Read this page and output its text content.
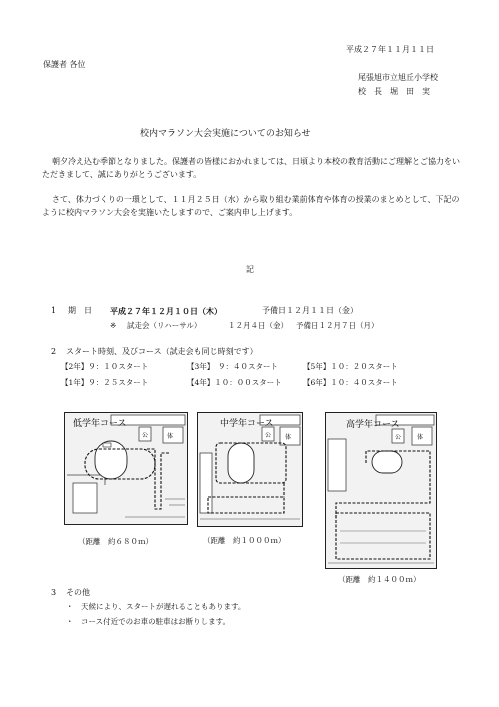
平成２７年１１月１１日
保護者 各位
尾張旭市立旭丘小学校
校　長　堀　田　実
校内マラソン大会実施についてのお知らせ
朝夕冷え込む季節となりました。保護者の皆様におかれましては、日頃より本校の教育活動にご理解とご協力をいただきまして、誠にありがとうございます。
さて、体力づくりの一環として、１１月２５日（水）から取り組む業前体育や体育の授業のまとめとして、下記のように校内マラソン大会を実施いたしますので、ご案内申し上げます。
記
1 期　日 平成２７年１２月１０日（木）	予備日１２月１１日（金）
※ 試走会（リハーサル）	１２月４日（金） 予備日１２月７日（月）
2 スタート時刻、及びコース（試走会も同じ時刻です）
【2年】９：１０スタート	【3年】　９：４０スタート	【5年】１０：２０スタート
【1年】９：２５スタート	【4年】１０：００スタート	【6年】１０：４０スタート
低学年コース
公	体
（距離　約６８０ｍ）
中学年コース
公 体
（距離　約１０００ｍ）
高学年コース
公	体
（距離　約１４００ｍ）
3 その他
・　天候により、スタートが遅れることもあります。
・　コース付近でのお車の駐車はお断りします。
